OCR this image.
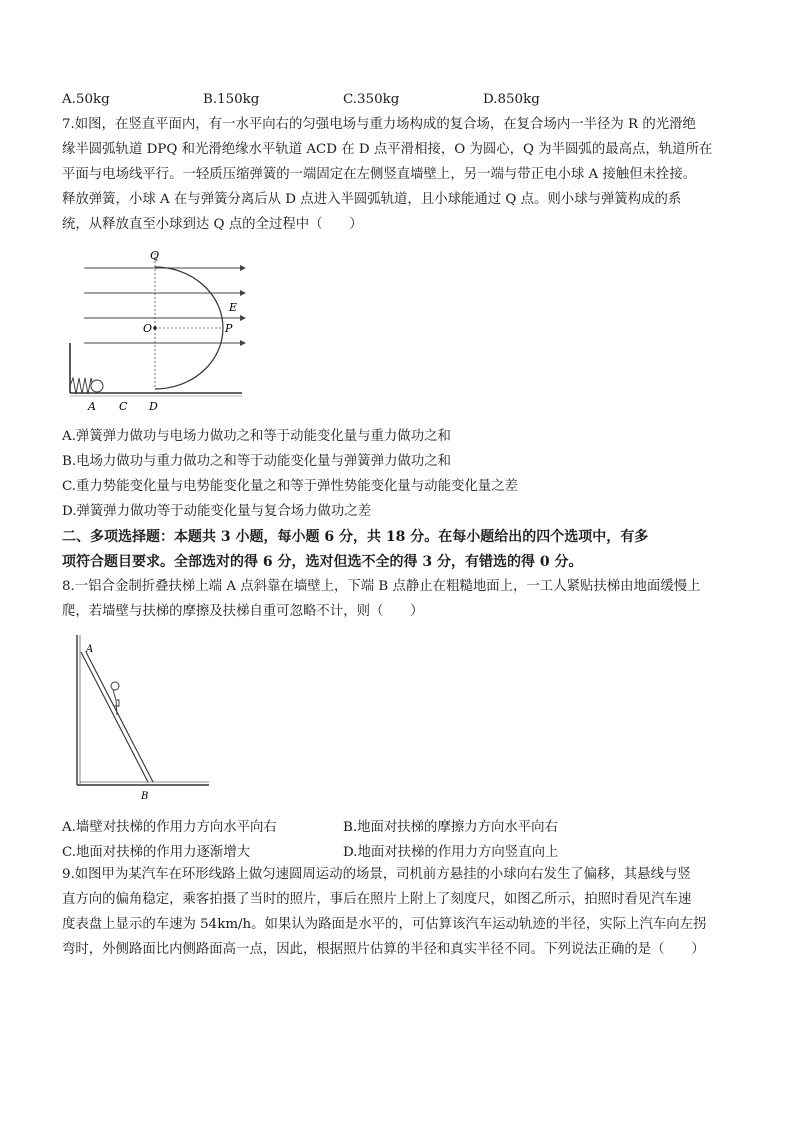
A.50kg	B.150kg	C.350kg	D.850kg
7.如图，在竖直平面内，有一水平向右的匀强电场与重力场构成的复合场，在复合场内一半径为 R 的光滑绝
缘半圆弧轨道 DPQ 和光滑绝缘水平轨道 ACD 在 D 点平滑相接，O 为圆心，Q 为半圆弧的最高点，轨道所在
平面与电场线平行。一轻质压缩弹簧的一端固定在左侧竖直墙壁上，另一端与带正电小球 A 接触但未拴接。
释放弹簧，小球 A 在与弹簧分离后从 D 点进入半圆弧轨道，且小球能通过 Q 点。则小球与弹簧构成的系
统，从释放直至小球到达 Q 点的全过程中（　　）
Q
E
O	P
A C D
A.弹簧弹力做功与电场力做功之和等于动能变化量与重力做功之和
B.电场力做功与重力做功之和等于动能变化量与弹簧弹力做功之和
C.重力势能变化量与电势能变化量之和等于弹性势能变化量与动能变化量之差
D.弹簧弹力做功等于动能变化量与复合场力做功之差
二、多项选择题：本题共 3 小题，每小题 6 分，共 18 分。在每小题给出的四个选项中，有多
项符合题目要求。全部选对的得 6 分，选对但选不全的得 3 分，有错选的得 0 分。
8.一铝合金制折叠扶梯上端 A 点斜靠在墙壁上，下端 B 点静止在粗糙地面上，一工人紧贴扶梯由地面缓慢上
爬，若墙壁与扶梯的摩擦及扶梯自重可忽略不计，则（　　）
A
B
A.墙壁对扶梯的作用力方向水平向右	B.地面对扶梯的摩擦力方向水平向右
C.地面对扶梯的作用力逐渐增大	D.地面对扶梯的作用力方向竖直向上
9.如图甲为某汽车在环形线路上做匀速圆周运动的场景，司机前方悬挂的小球向右发生了偏移，其悬线与竖
直方向的偏角稳定，乘客拍摄了当时的照片，事后在照片上附上了刻度尺，如图乙所示，拍照时看见汽车速
度表盘上显示的车速为 54km/h。如果认为路面是水平的，可估算该汽车运动轨迹的半径，实际上汽车向左拐
弯时，外侧路面比内侧路面高一点，因此，根据照片估算的半径和真实半径不同。下列说法正确的是（　　）
